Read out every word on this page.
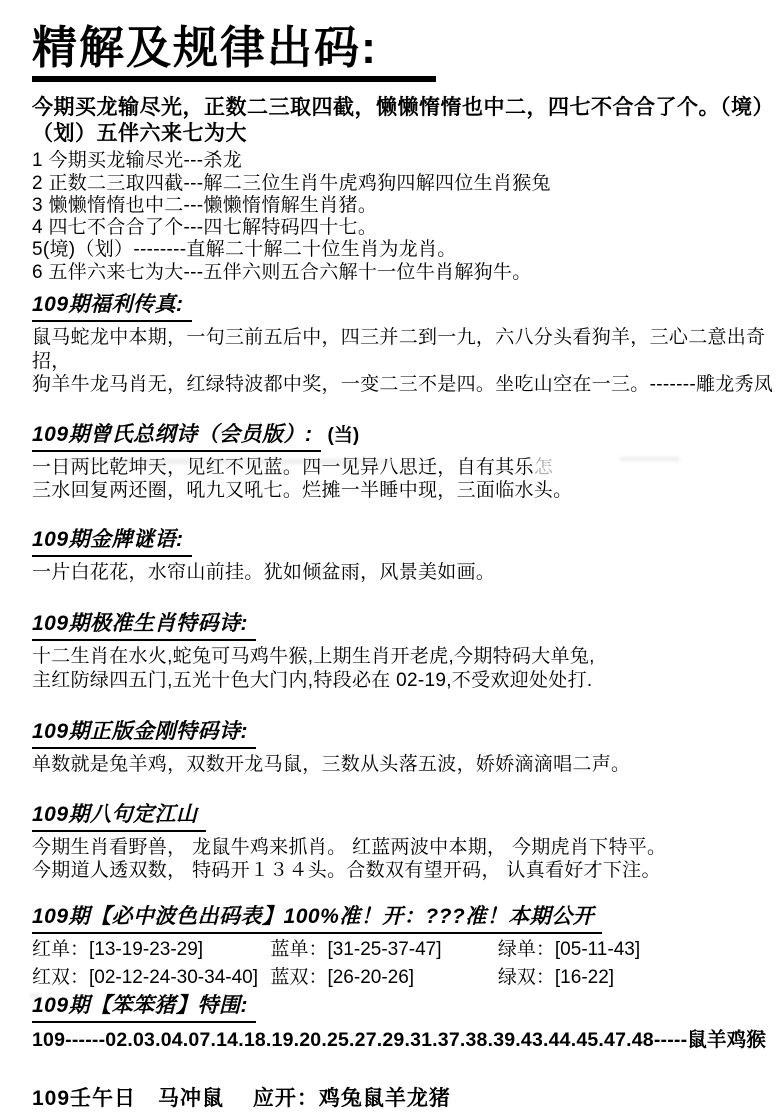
精解及规律出码:
今期买龙输尽光，正数二三取四截，懒懒惰惰也中二，四七不合合了个。（境）
（划）五伴六来七为大
1 今期买龙输尽光---杀龙
2 正数二三取四截---解二三位生肖牛虎鸡狗四解四位生肖猴兔
3 懒懒惰惰也中二---懒懒惰惰解生肖猪。
4 四七不合合了个---四七解特码四十七。
5(境)（划）--------直解二十解二十位生肖为龙肖。
6 五伴六来七为大---五伴六则五合六解十一位牛肖解狗牛。
109期福利传真:
鼠马蛇龙中本期，一句三前五后中，四三并二到一九，六八分头看狗羊，三心二意出奇招，
狗羊牛龙马肖无，红绿特波都中奖，一变二三不是四。坐吃山空在一三。-------雕龙秀凤
109期曾氏总纲诗（会员版）: (当)
一日两比乾坤天，见红不见蓝。四一见异八思迁，自有其乐怎
三水回复两还圈，吼九又吼七。烂摊一半睡中现，三面临水头。
109期金牌谜语:
一片白花花，水帘山前挂。犹如倾盆雨，风景美如画。
109期极准生肖特码诗:
十二生肖在水火,蛇兔可马鸡牛猴,上期生肖开老虎,今期特码大单兔,
主红防绿四五门,五光十色大门内,特段必在 02-19,不受欢迎处处打.
109期正版金刚特码诗:
单数就是兔羊鸡，双数开龙马鼠，三数从头落五波，娇娇滴滴唱二声。
109期八句定江山
今期生肖看野兽， 龙鼠牛鸡来抓肖。 红蓝两波中本期， 今期虎肖下特平。
今期道人透双数， 特码开１３４头。合数双有望开码， 认真看好才下注。
109期【必中波色出码表】100%准！开：???准！本期公开
红单：[13-19-23-29]	蓝单：[31-25-37-47]	绿单：[05-11-43]
红双：[02-12-24-30-34-40] 蓝双：[26-20-26]	绿双：[16-22]
109期【笨笨猪】特围:
109------02.03.04.07.14.18.19.20.25.27.29.31.37.38.39.43.44.45.47.48-----鼠羊鸡猴
109壬午日　马冲鼠　 应开：鸡兔鼠羊龙猪
